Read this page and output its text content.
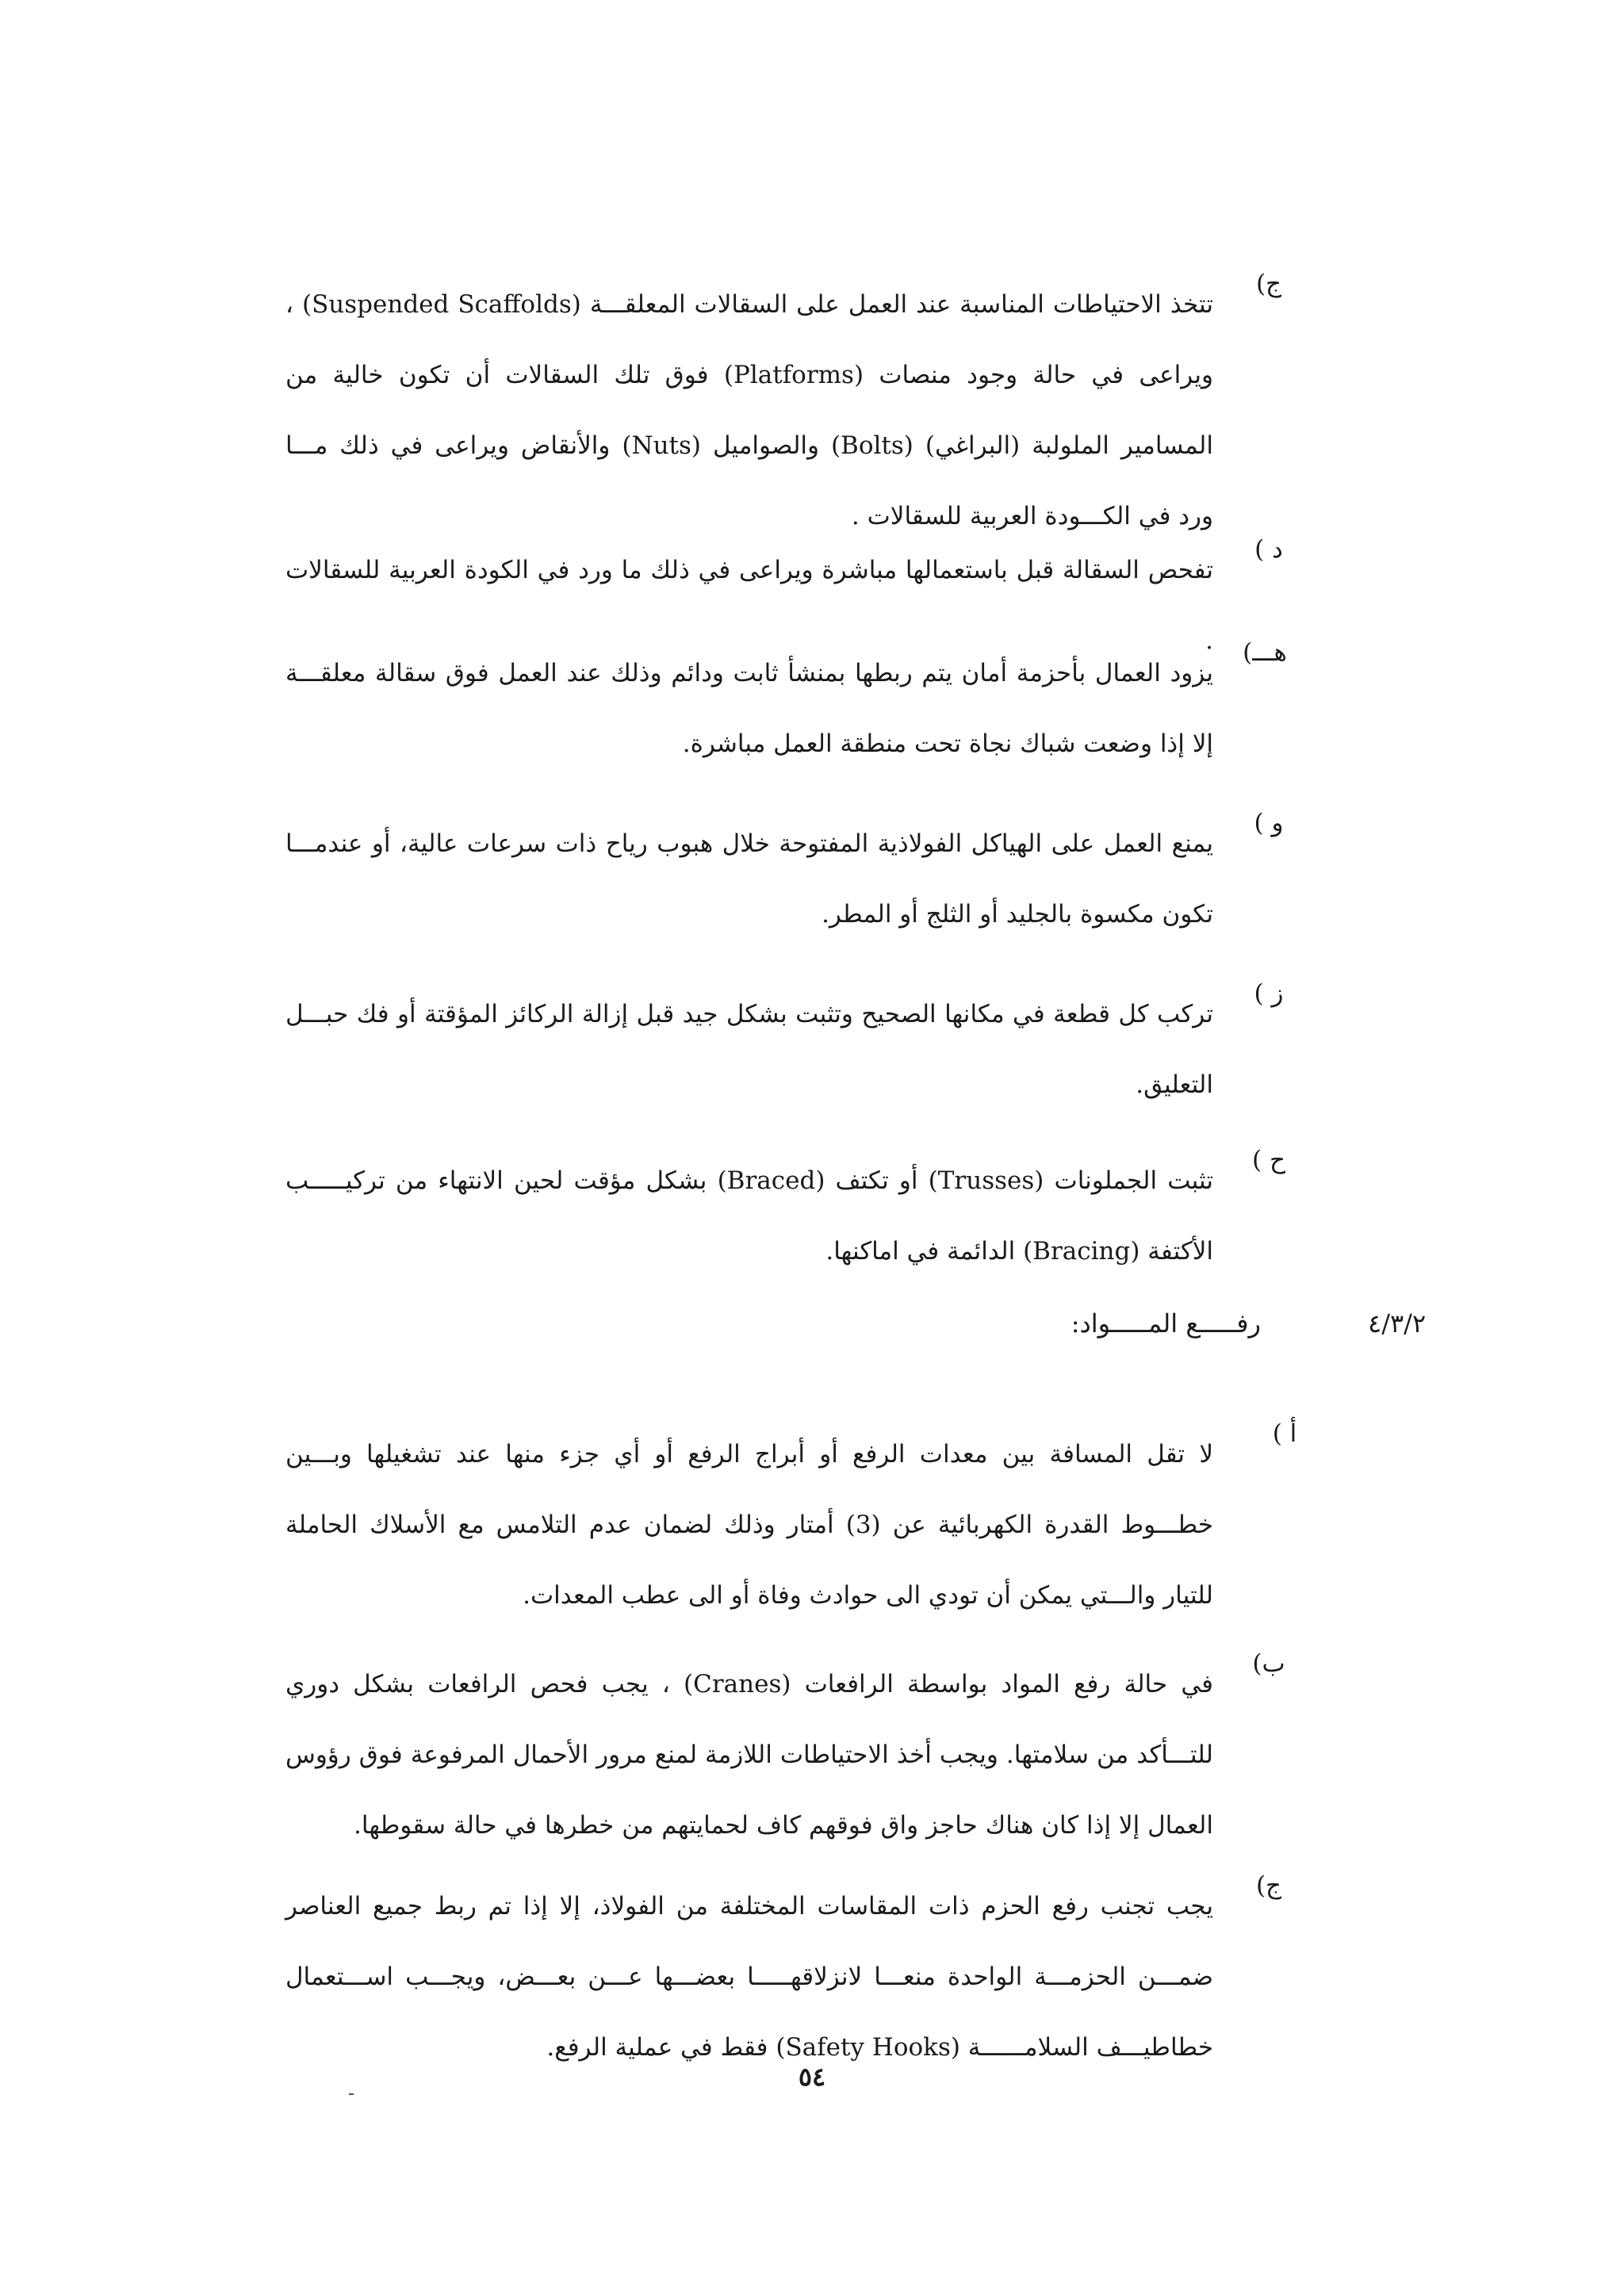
ج)

تتخذ الاحتياطات المناسبة عند العمل على السقالات المعلقـــة (Suspended Scaffolds) ، ويراعى في حالة وجود منصات (Platforms) فوق تلك السقالات أن تكون خالية من المسامير الملولبة (البراغي) (Bolts) والصواميل (Nuts) والأنقاض ويراعى في ذلك مـــا ورد في الكـــودة العربية للسقالات .

د )

تفحص السقالة قبل باستعمالها مباشرة ويراعى في ذلك ما ورد في الكودة العربية للسقالات .	هـــ)

يزود العمال بأحزمة أمان يتم ربطها بمنشأ ثابت ودائم وذلك عند العمل فوق سقالة معلقـــة إلا إذا وضعت شباك نجاة تحت منطقة العمل مباشرة.

و )

يمنع العمل على الهياكل الفولاذية المفتوحة خلال هبوب رياح ذات سرعات عالية، أو عندمـــا تكون مكسوة بالجليد أو الثلج أو المطر.

ز )

تركب كل قطعة في مكانها الصحيح وتثبت بشكل جيد قبل إزالة الركائز المؤقتة أو فك حبـــل التعليق.

ح )

تثبت الجملونات (Trusses) أو تكتف (Braced) بشكل مؤقت لحين الانتهاء من تركيـــــب الأكتفة (Bracing) الدائمة في اماكنها.

رفـــــع المـــــواد:	٤/٣/٢
أ )

لا تقل المسافة بين معدات الرفع أو أبراج الرفع أو أي جزء منها عند تشغيلها وبـــين خطـــوط القدرة الكهربائية عن (3) أمتار وذلك لضمان عدم التلامس مع الأسلاك الحاملة للتيار والـــتي يمكن أن تودي الى حوادث وفاة أو الى عطب المعدات.

ب)

في حالة رفع المواد بواسطة الرافعات (Cranes) ، يجب فحص الرافعات بشكل دوري للتـــأكد من سلامتها. ويجب أخذ الاحتياطات اللازمة لمنع مرور الأحمال المرفوعة فوق رؤوس العمال إلا إذا كان هناك حاجز واق فوقهم كاف لحمايتهم من خطرها في حالة سقوطها.

ج)

يجب تجنب رفع الحزم ذات المقاسات المختلفة من الفولاذ، إلا إذا تم ربط جميع العناصر ضمـــن الحزمـــة الواحدة منعـــا لانزلاقهـــــا بعضـــها عـــن بعـــض، ويجـــب اســـتعمال خطاطيـــف السلامــــــة (Safety Hooks) فقط في عملية الرفع.

٥٤
